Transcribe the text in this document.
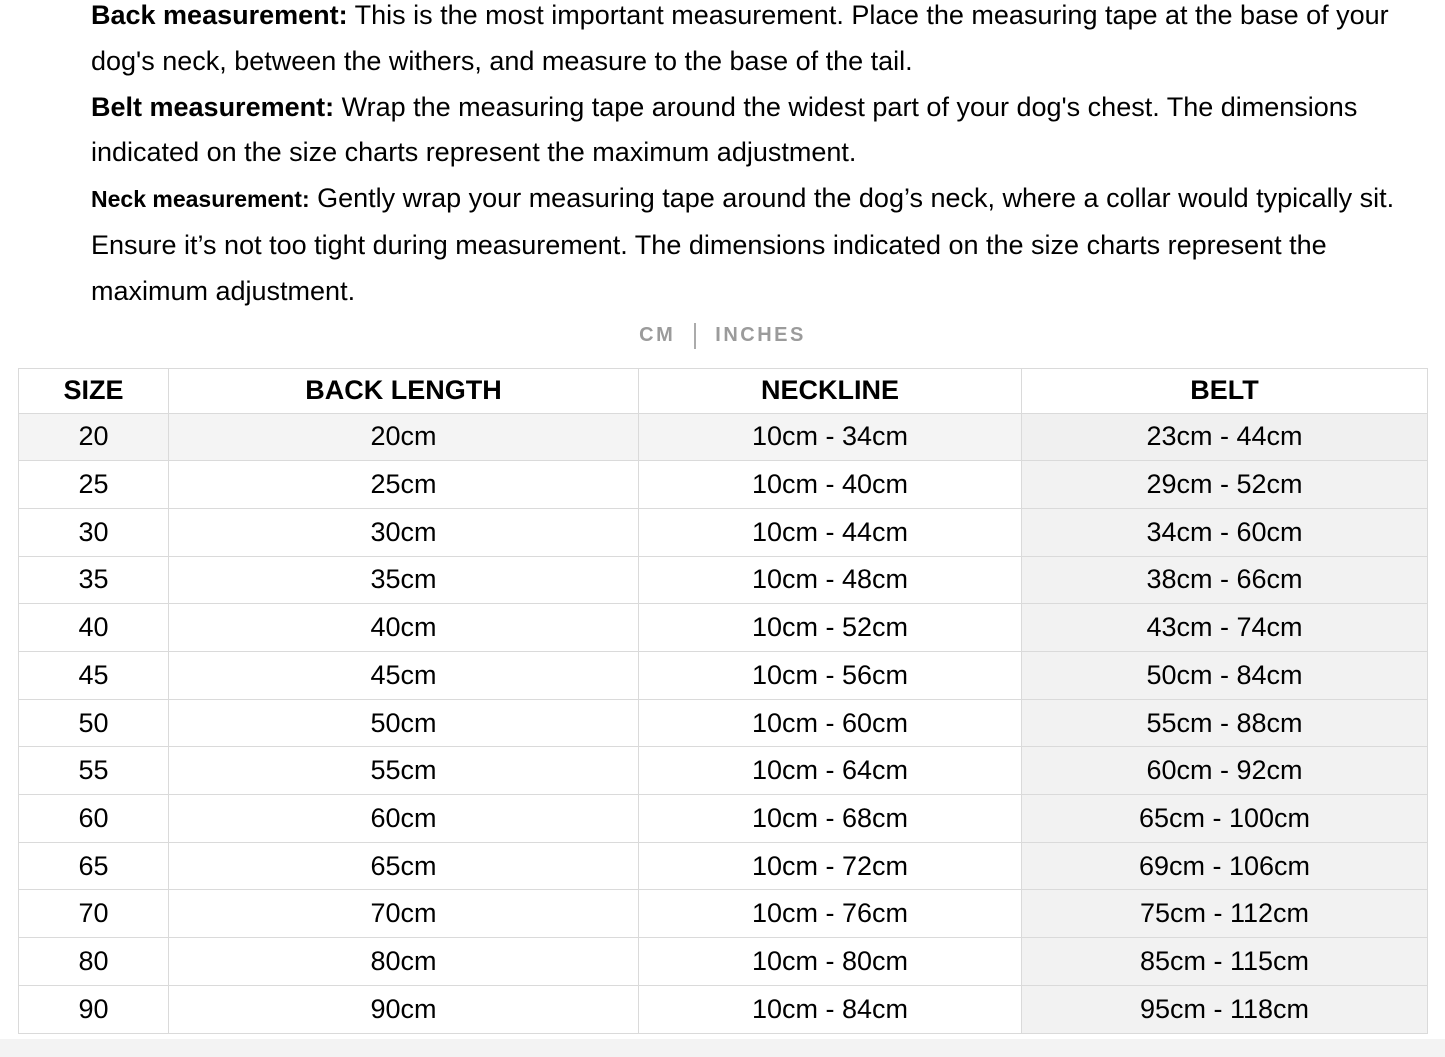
Back measurement: This is the most important measurement. Place the measuring tape at the base of your dog's neck, between the withers, and measure to the base of the tail.

Belt measurement: Wrap the measuring tape around the widest part of your dog's chest. The dimensions indicated on the size charts represent the maximum adjustment.

Neck measurement: Gently wrap your measuring tape around the dog’s neck, where a collar would typically sit. Ensure it’s not too tight during measurement. The dimensions indicated on the size charts represent the maximum adjustment.

CM INCHES
SIZE	BACK LENGTH	NECKLINE	BELT
20	20cm	10cm - 34cm	23cm - 44cm
25	25cm	10cm - 40cm	29cm - 52cm
30	30cm	10cm - 44cm	34cm - 60cm
35	35cm	10cm - 48cm	38cm - 66cm
40	40cm	10cm - 52cm	43cm - 74cm
45	45cm	10cm - 56cm	50cm - 84cm
50	50cm	10cm - 60cm	55cm - 88cm
55	55cm	10cm - 64cm	60cm - 92cm
60	60cm	10cm - 68cm	65cm - 100cm
65	65cm	10cm - 72cm	69cm - 106cm
70	70cm	10cm - 76cm	75cm - 112cm
80	80cm	10cm - 80cm	85cm - 115cm
90	90cm	10cm - 84cm	95cm - 118cm
